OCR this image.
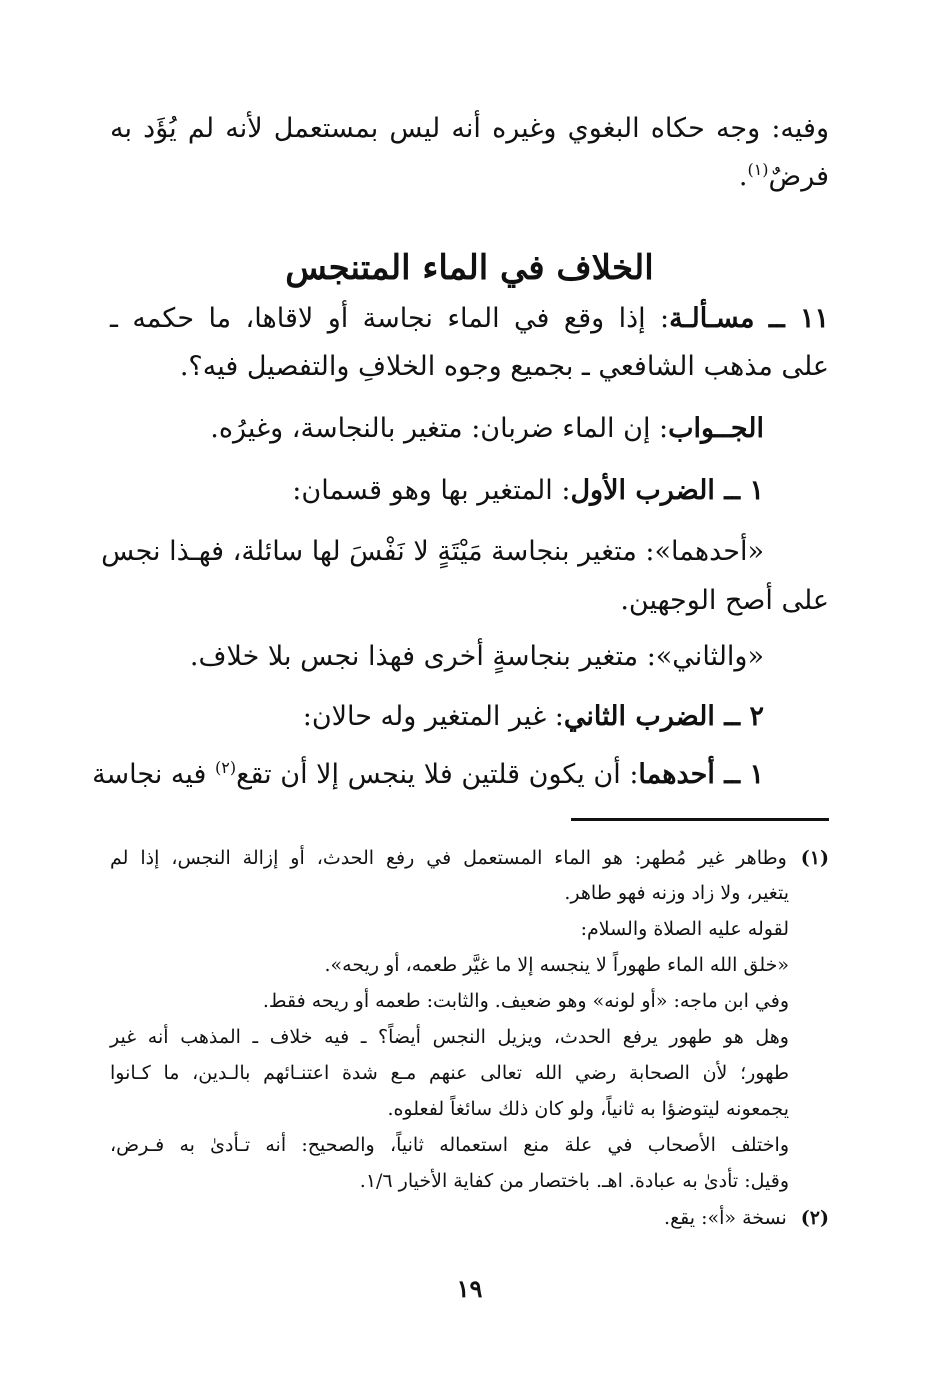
وفيه: وجه حكاه البغوي وغيره أنه ليس بمستعمل لأنه لم يُؤَد به
فرضٌ$^{(١)}$.
الخلاف في الماء المتنجس
١١ ــ مسـألـة: إذا وقع في الماء نجاسة أو لاقاها، ما حكمه ـ
على مذهب الشافعي ـ بجميع وجوه الخلافِ والتفصيل فيه؟.
الجــواب: إن الماء ضربان: متغير بالنجاسة، وغيرُه.
١ ــ الضرب الأول: المتغير بها وهو قسمان:
«أحدهما»: متغير بنجاسة مَيْتَةٍ لا نَفْسَ لها سائلة، فهـذا نجس
على أصح الوجهين.
«والثاني»: متغير بنجاسةٍ أخرى فهذا نجس بلا خلاف.
٢ ــ الضرب الثاني: غير المتغير وله حالان:
١ ــ أحدهما: أن يكون قلتين فلا ينجس إلا أن تقع$^{(٢)}$ فيه نجاسة
(١)وطاهر غير مُطهر: هو الماء المستعمل في رفع الحدث، أو إزالة النجس، إذا لم
يتغير، ولا زاد وزنه فهو طاهر.
لقوله عليه الصلاة والسلام:
«خلق الله الماء طهوراً لا ينجسه إلا ما غيَّر طعمه، أو ريحه».
وفي ابن ماجه: «أو لونه» وهو ضعيف. والثابت: طعمه أو ريحه فقط.
وهل هو طهور يرفع الحدث، ويزيل النجس أيضاً؟ ـ فيه خلاف ـ المذهب أنه غير
طهور؛ لأن الصحابة رضي الله تعالى عنهم مـع شدة اعتنـائهم بالـدين، ما كـانوا
يجمعونه ليتوضؤا به ثانياً، ولو كان ذلك سائغاً لفعلوه.
واختلف الأصحاب في علة منع استعماله ثانياً، والصحيح: أنه تـأدىٰ به فـرض،
وقيل: تأدىٰ به عبادة. اهـ. باختصار من كفاية الأخيار ١/٦.
(٢)نسخة «أ»: يقع.
١٩
